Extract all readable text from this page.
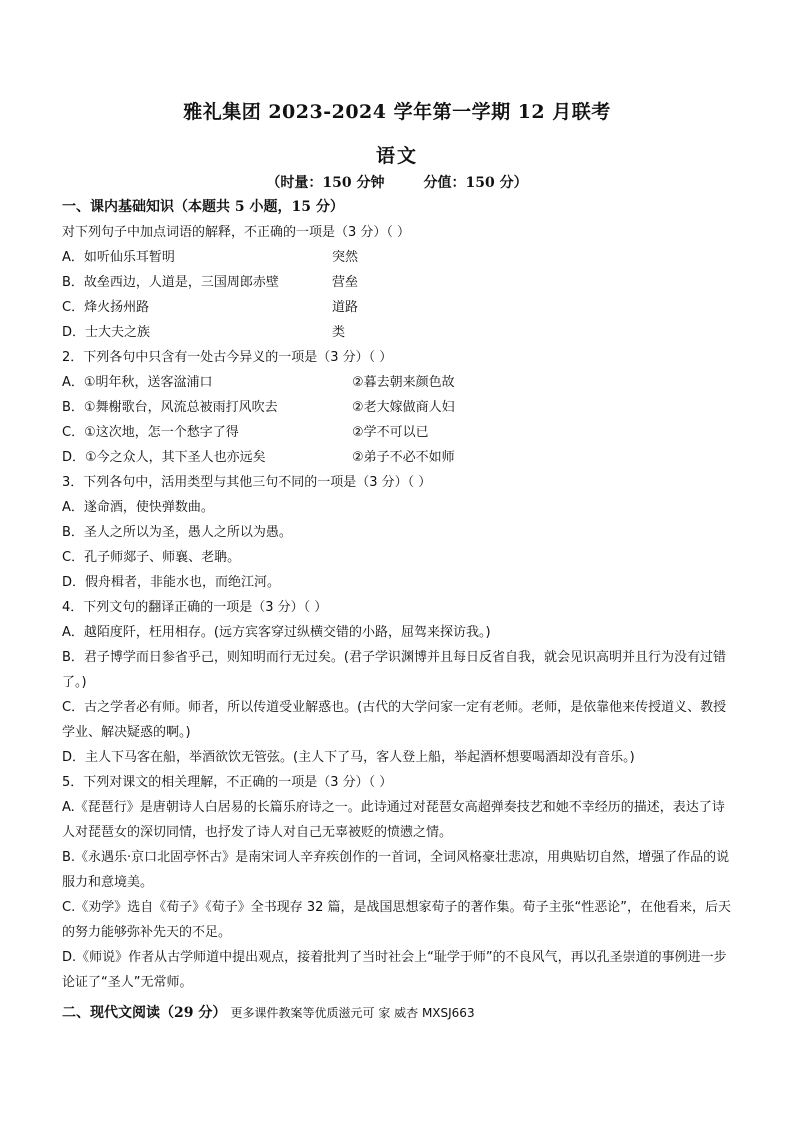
雅礼集团 2023-2024 学年第一学期 12 月联考
语文
（时量：150 分钟        分值：150 分）
一、课内基础知识（本题共 5 小题，15 分）
对下列句子中加点词语的解释，不正确的一项是（3 分）（ ）
A．如听仙乐耳暂明	突然
B．故垒西边，人道是，三国周郎赤壁	营垒
C．烽火扬州路	道路
D．士大夫之族	类
2．下列各句中只含有一处古今异义的一项是（3 分）（ ）
A．①明年秋，送客湓浦口	②暮去朝来颜色故
B．①舞榭歌台，风流总被雨打风吹去	②老大嫁做商人妇
C．①这次地，怎一个愁字了得	②学不可以已
D．①今之众人，其下圣人也亦远矣	②弟子不必不如师
3．下列各句中，活用类型与其他三句不同的一项是（3 分）（ ）
A．遂命酒，使快弹数曲。
B．圣人之所以为圣，愚人之所以为愚。
C．孔子师郯子、师襄、老聃。
D．假舟楫者，非能水也，而绝江河。
4．下列文句的翻译正确的一项是（3 分）（ ）
A．越陌度阡，枉用相存。(远方宾客穿过纵横交错的小路，屈驾来探访我。)
B．君子博学而日参省乎己，则知明而行无过矣。(君子学识渊博并且每日反省自我，就会见识高明并且行为没有过错了。)
C．古之学者必有师。师者，所以传道受业解惑也。(古代的大学问家一定有老师。老师，是依靠他来传授道义、教授学业、解决疑惑的啊。)
D．主人下马客在船，举酒欲饮无管弦。(主人下了马，客人登上船，举起酒杯想要喝酒却没有音乐。)
5．下列对课文的相关理解，不正确的一项是（3 分）（ ）
A.《琵琶行》是唐朝诗人白居易的长篇乐府诗之一。此诗通过对琵琶女高超弹奏技艺和她不幸经历的描述，表达了诗人对琵琶女的深切同情，也抒发了诗人对自己无辜被贬的愤懑之情。
B.《永遇乐·京口北固亭怀古》是南宋词人辛弃疾创作的一首词，全词风格豪壮悲凉，用典贴切自然，增强了作品的说服力和意境美。
C.《劝学》选自《荀子》《荀子》全书现存 32 篇，是战国思想家荀子的著作集。荀子主张“性恶论”，在他看来，后天的努力能够弥补先天的不足。
D.《师说》作者从古学师道中提出观点，接着批判了当时社会上“耻学于师”的不良风气，再以孔圣崇道的事例进一步论证了“圣人”无常师。
二、现代文阅读（29 分） 更多课件教案等优质滋元可 家 威杏 MXSJ663
